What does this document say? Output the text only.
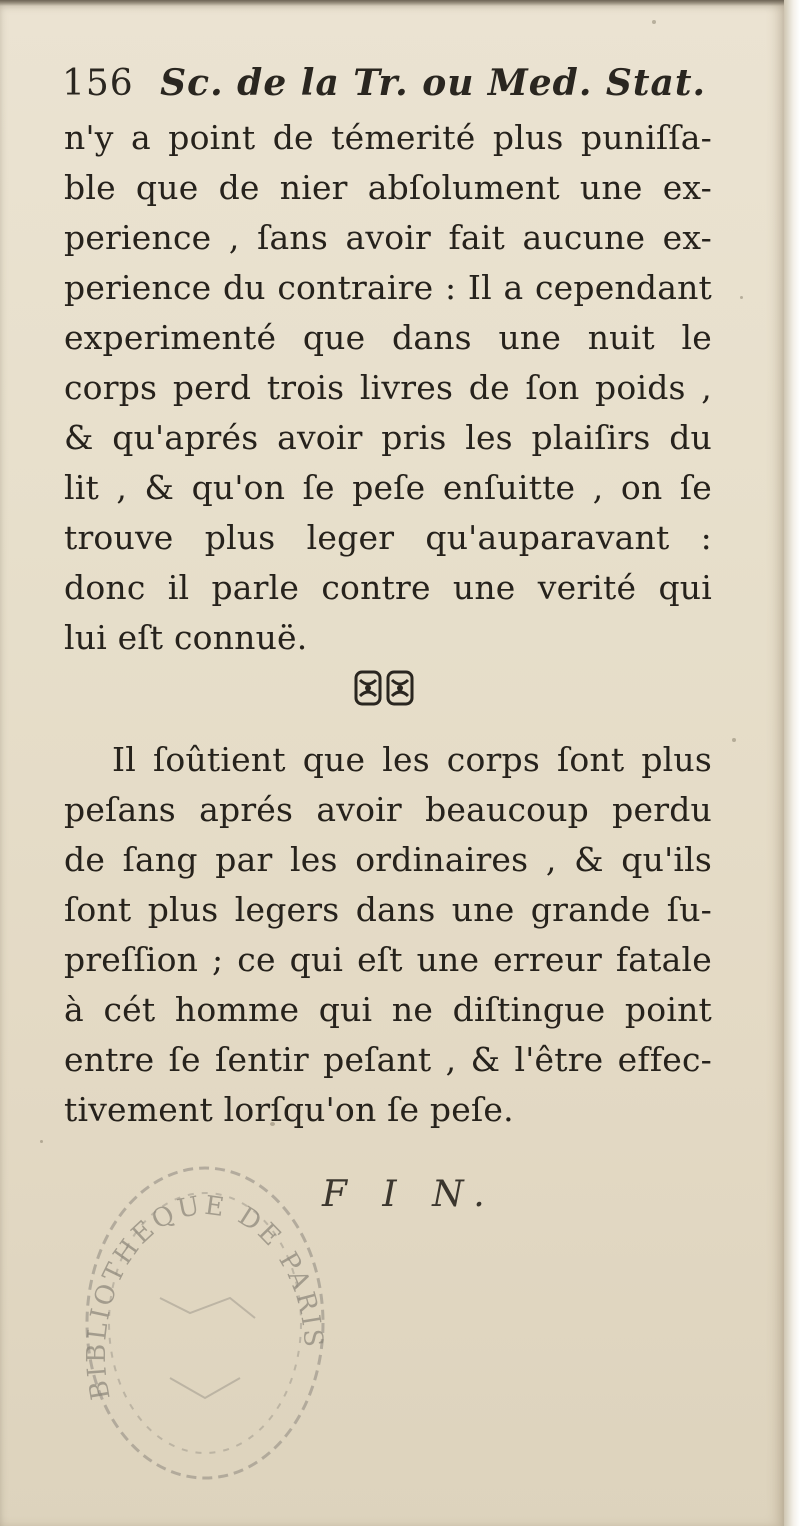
156 Sc. de la Tr. ou Med. Stat.
n'y a point de témerité plus puniſſa-
ble que de nier abſolument une ex-
perience , ſans avoir fait aucune ex-
perience du contraire : Il a cependant
experimenté que dans une nuit le
corps perd trois livres de ſon poids ,
& qu'aprés avoir pris les plaiſirs du
lit , & qu'on ſe peſe enſuitte , on ſe
trouve plus leger qu'auparavant :
donc il parle contre une verité qui
lui eſt connuë.
Il ſoûtient que les corps ſont plus
peſans aprés avoir beaucoup perdu
de ſang par les ordinaires , & qu'ils
ſont plus legers dans une grande ſu-
preſſion ; ce qui eſt une erreur fatale
à cét homme qui ne diſtingue point
entre ſe ſentir peſant , & l'être effec-
tivement lorſqu'on ſe peſe.
F I N.
BIBLIOTHEQUE DE PARIS
